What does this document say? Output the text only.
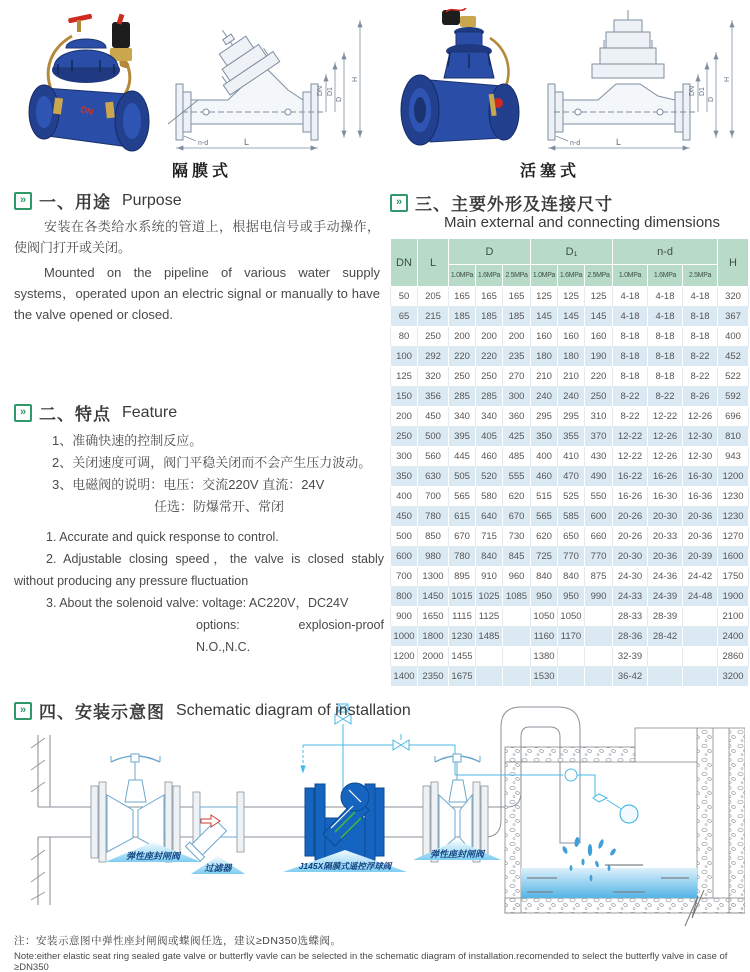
DN
DN D1
D
H
L
n-d
隔膜式
DN D1
D
H
L
n-d
活塞式
» 一、用途 Purpose

安装在各类给水系统的管道上，根据电信号或手动操作，使阀门打开或关闭。

Mounted on the pipeline of various water supply systems，operated upon an electric signal or manually to have the valve opened or closed.

» 二、特点 Feature

1、准确快速的控制反应。

2、关闭速度可调，阀门平稳关闭而不会产生压力波动。

3、电磁阀的说明：电压：交流220V 直流：24V

任选：防爆常开、常闭

1. Accurate and quick response to control.

2. Adjustable closing speed，the valve is closed stably without producing any pressure fluctuation

3. About the solenoid valve: voltage: AC220V，DC24V

options: explosion-proof N.O.,N.C.

» 三、主要外形及连接尺寸
Main external and connecting dimensions
DN	L	D			D₁			n-d			H
		1.0MPa	1.6MPa	2.5MPa	1.0MPa	1.6MPa	2.5MPa	1.0MPa	1.6MPa	2.5MPa	
50	205	165	165	165	125	125	125	4-18	4-18	4-18	320
65	215	185	185	185	145	145	145	4-18	4-18	8-18	367
80	250	200	200	200	160	160	160	8-18	8-18	8-18	400
100	292	220	220	235	180	180	190	8-18	8-18	8-22	452
125	320	250	250	270	210	210	220	8-18	8-18	8-22	522
150	356	285	285	300	240	240	250	8-22	8-22	8-26	592
200	450	340	340	360	295	295	310	8-22	12-22	12-26	696
250	500	395	405	425	350	355	370	12-22	12-26	12-30	810
300	560	445	460	485	400	410	430	12-22	12-26	12-30	943
350	630	505	520	555	460	470	490	16-22	16-26	16-30	1200
400	700	565	580	620	515	525	550	16-26	16-30	16-36	1230
450	780	615	640	670	565	585	600	20-26	20-30	20-36	1230
500	850	670	715	730	620	650	660	20-26	20-33	20-36	1270
600	980	780	840	845	725	770	770	20-30	20-36	20-39	1600
700	1300	895	910	960	840	840	875	24-30	24-36	24-42	1750
800	1450	1015	1025	1085	950	950	990	24-33	24-39	24-48	1900
900	1650	1115	1125		1050	1050		28-33	28-39		2100
1000	1800	1230	1485		1160	1170		28-36	28-42		2400
1200	2000	1455			1380			32-39			2860
1400	2350	1675			1530			36-42			3200
» 四、安装示意图 Schematic diagram of installation
弹性座封闸阀
过滤器	J145X隔膜式遥控浮球阀
弹性座封闸阀
注：安装示意图中弹性座封闸阀或蝶阀任选，建议≥DN350选蝶阀。
Note:either elastic seat ring sealed gate valve or butterfly vavle can be selected in the schematic diagram of installation.recomended to select the butterfly valve in case of ≥DN350
